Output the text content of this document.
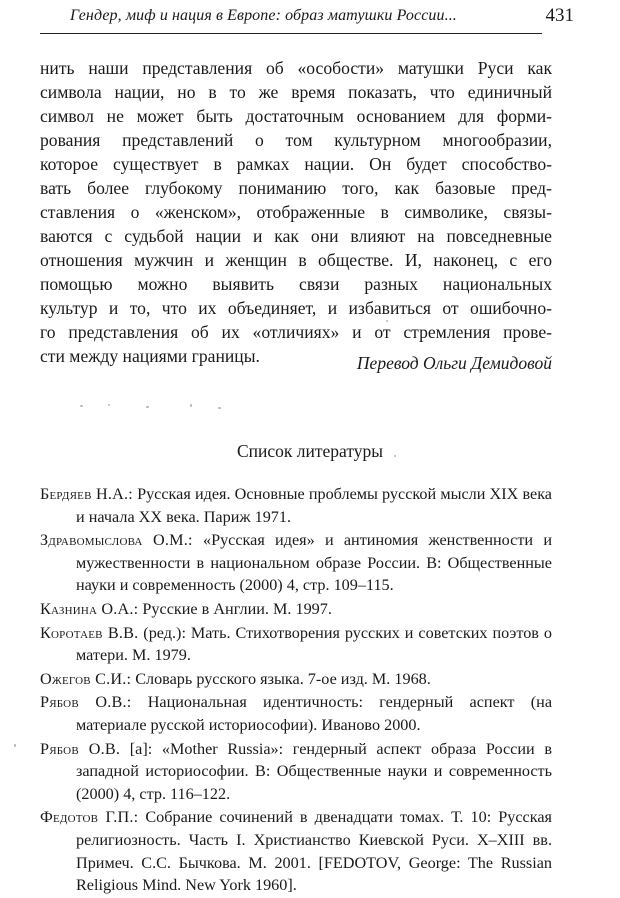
Гендер, миф и нация в Европе: образ матушки России...	431
нить наши представления об «особости» матушки Руси как
символа нации, но в то же время показать, что единичный
символ не может быть достаточным основанием для форми-
рования представлений о том культурном многообразии,
которое существует в рамках нации. Он будет способство-
вать более глубокому пониманию того, как базовые пред-
ставления о «женском», отображенные в символике, связы-
ваются с судьбой нации и как они влияют на повседневные
отношения мужчин и женщин в обществе. И, наконец, с его
помощью можно выявить связи разных национальных
культур и то, что их объединяет, и избавиться от ошибочно-
го представления об их «отличиях» и от стремления прове-
сти между нациями границы.	Перевод Ольги Демидовой
Список литературы
Бердяев Н.А.: Русская идея. Основные проблемы русской мысли XIX века и начала XX века. Париж 1971.
Здравомыслова О.М.: «Русская идея» и антиномия женственности и мужественности в национальном образе России. В: Общественные науки и современность (2000) 4, стр. 109–115.
Казнина О.А.: Русские в Англии. М. 1997.
Коротаев В.В. (ред.): Мать. Стихотворения русских и советских поэтов о матери. М. 1979.
Ожегов С.И.: Словарь русского языка. 7-ое изд. М. 1968.
Рябов О.В.: Национальная идентичность: гендерный аспект (на материале русской историософии). Иваново 2000.
Рябов О.В. [а]: «Mother Russia»: гендерный аспект образа России в западной историософии. В: Общественные науки и современность (2000) 4, стр. 116–122.
Федотов Г.П.: Собрание сочинений в двенадцати томах. Т. 10: Русская религиозность. Часть I. Христианство Киевской Руси. X–XIII вв. Примеч. С.С. Бычкова. М. 2001. [FEDOTOV, George: The Russian Religious Mind. New York 1960].
